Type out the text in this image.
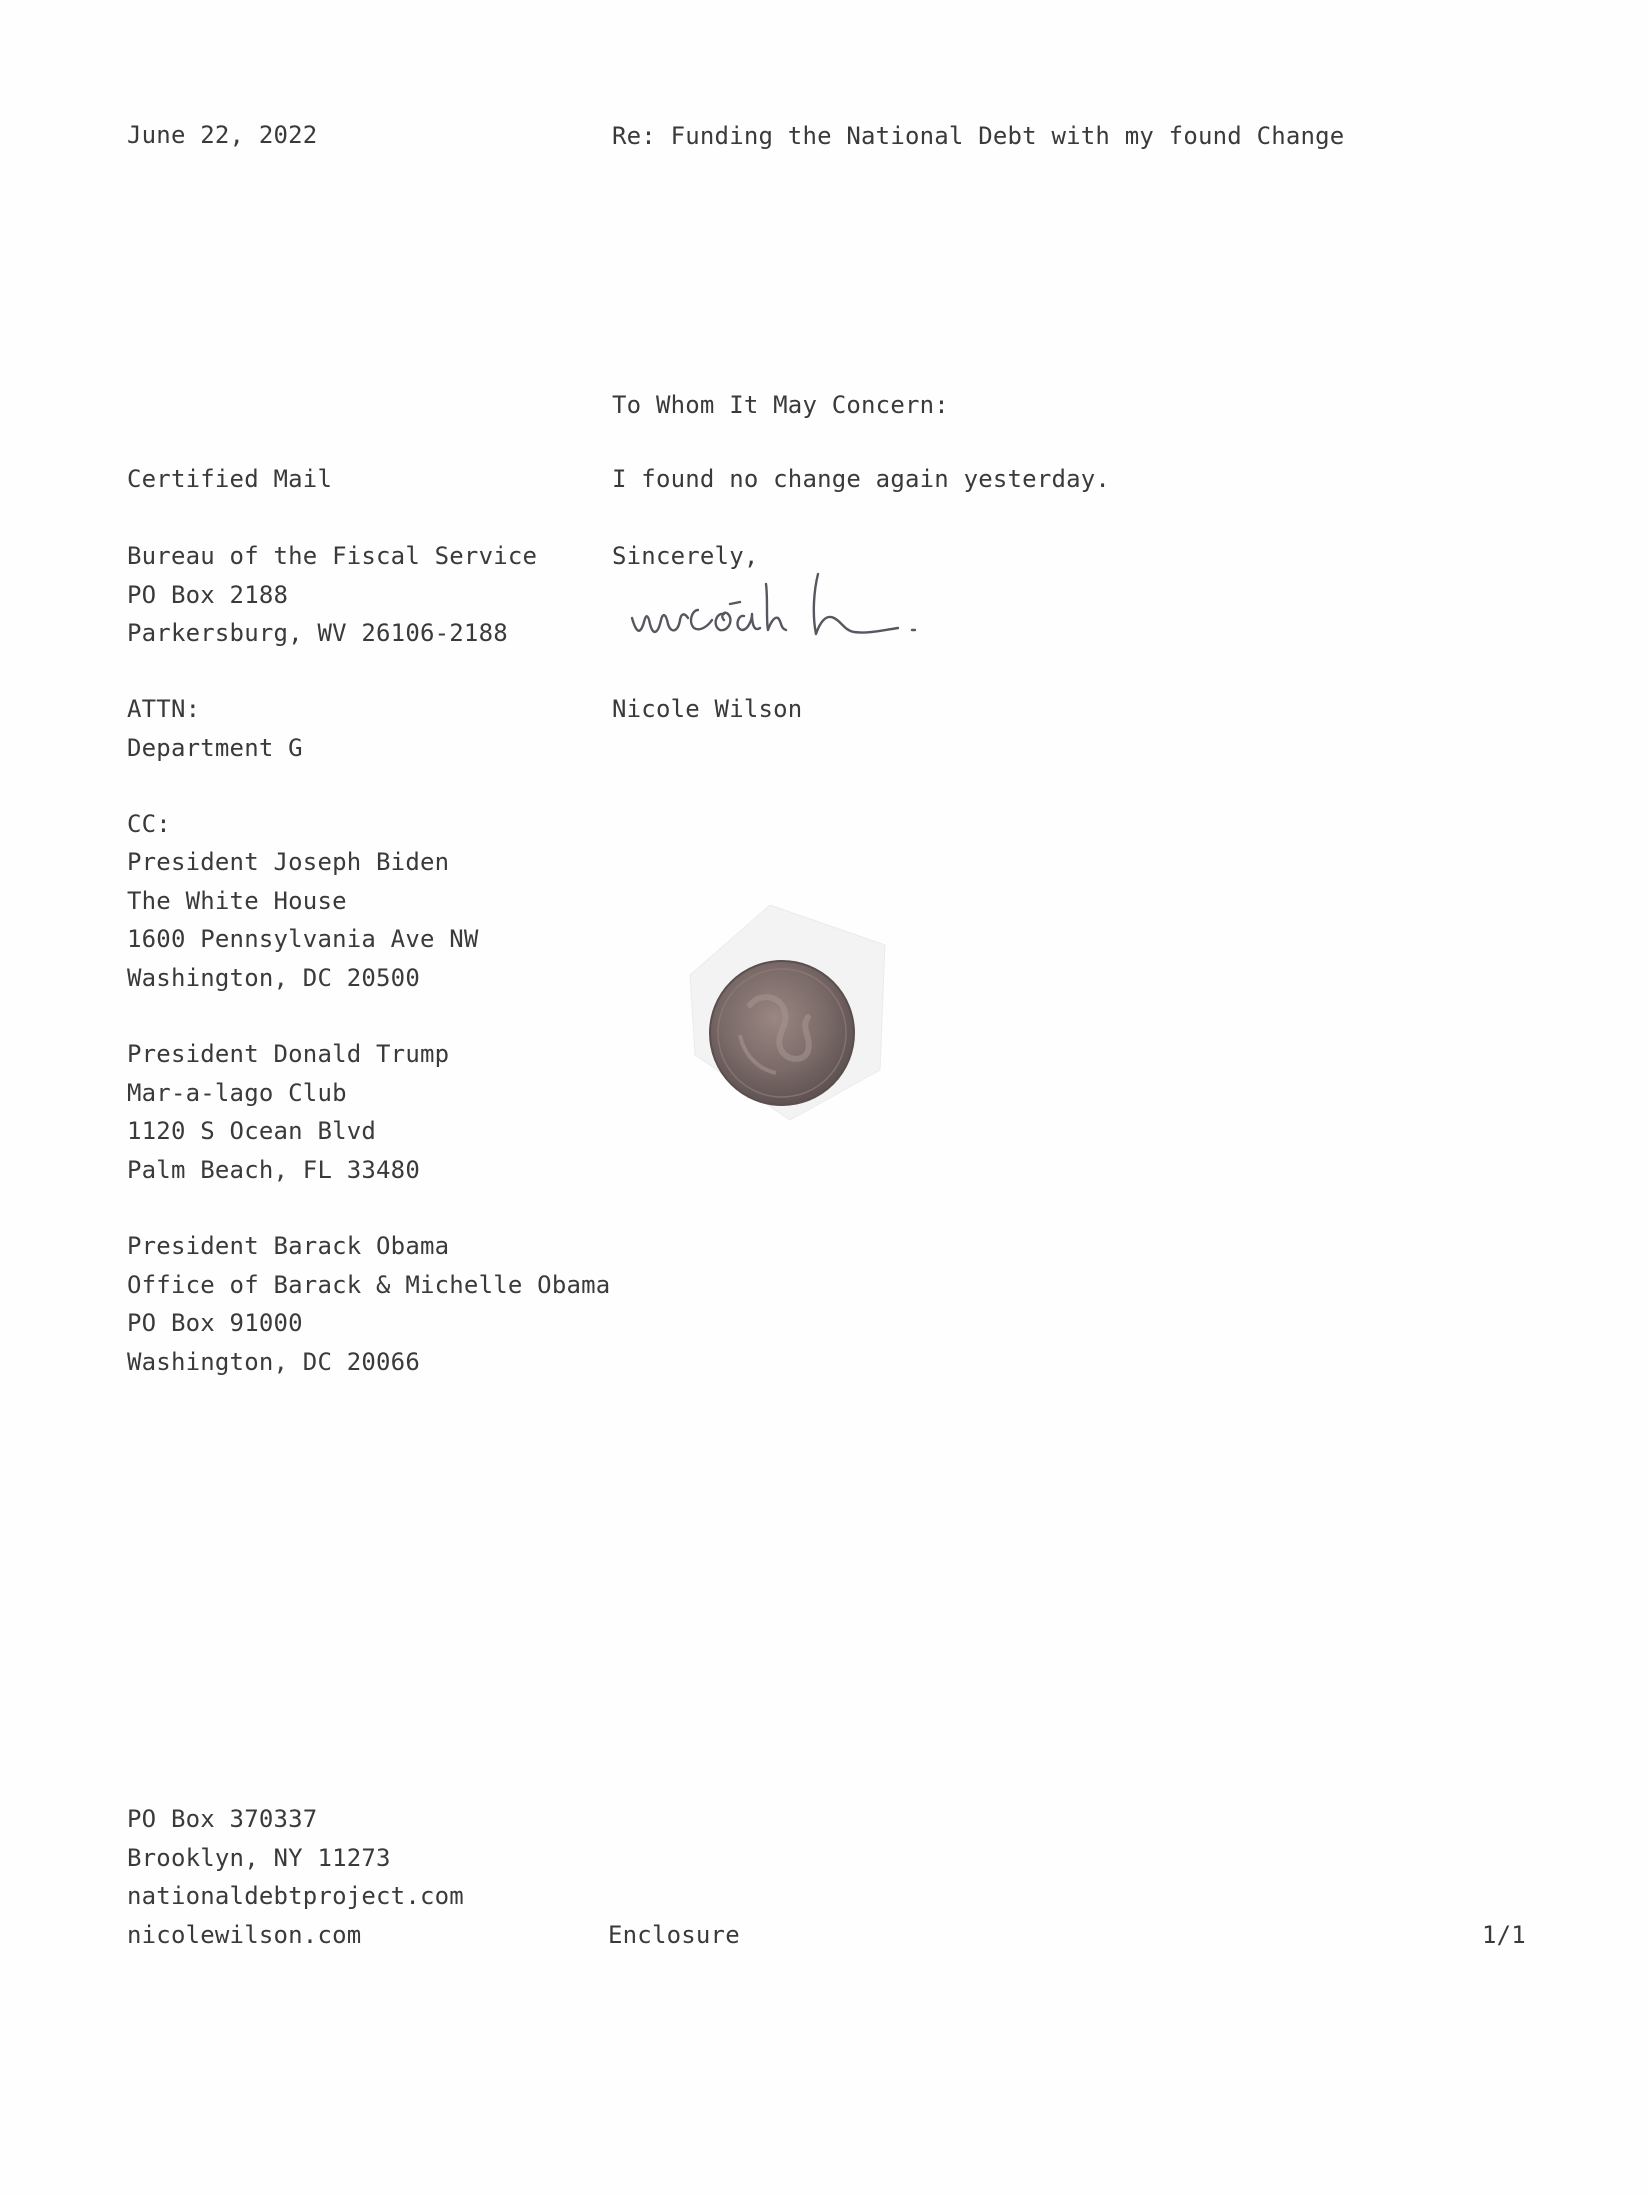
June 22, 2022	Re: Funding the National Debt with my found Change
To Whom It May Concern:
Certified Mail	I found no change again yesterday.
Bureau of the Fiscal Service
PO Box 2188
Parkersburg, WV 26106-2188
Sincerely,
Nicole Wilson
ATTN:
Department G
CC:
President Joseph Biden
The White House
1600 Pennsylvania Ave NW
Washington, DC 20500
President Donald Trump
Mar-a-lago Club
1120 S Ocean Blvd
Palm Beach, FL 33480
President Barack Obama
Office of Barack & Michelle Obama
PO Box 91000
Washington, DC 20066
PO Box 370337
Brooklyn, NY 11273
nationaldebtproject.com
nicolewilson.com	Enclosure	1/1
